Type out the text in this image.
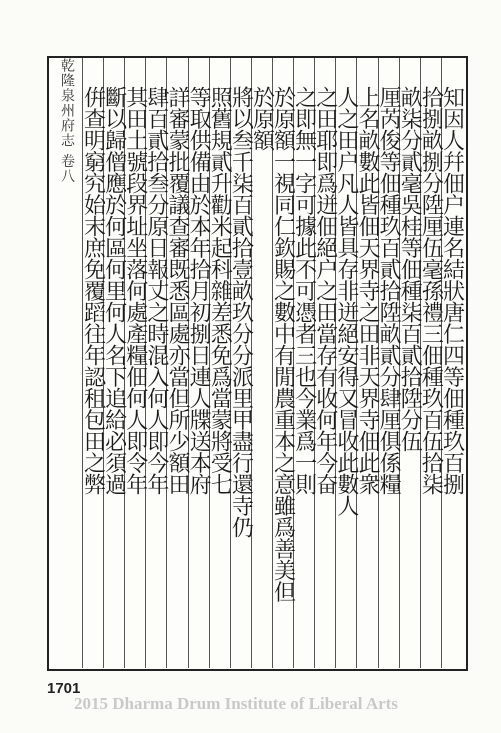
乾隆泉州府志 卷八	知因人幷佃户連名結狀唐仁四等佃種玖百捌
拾捌畝捌分陞厘伍毫孫禮三佃種玖百伍拾柒
畝柒分貳毫吳桂等佃種柒百貳拾陞分伍
厘芮俊等佃種玖百貳拾陞畝貳分肆厘俱係糧
上名畝數此皆佃天界寺之田非天界寺佃此衆
人之田户凡人皆具存非迸絕安得又冒收此數人
之田耶即爲迸佃絕户之田當存有收何年今奋
之即無一字可據此不可憑者三也今業爲一則
於原額一視同仁欽賜之數中有閒農重本之意雖爲善美但
於原額
將以叁千柒百貳拾壹畝玖分分派里甲盡行還寺仍
照舊規貳升勸米起科雜差悉免爲當蒙將受七
等取供備由於本年拾月初捌日連人牒送本府
詳審蒙批覆議查審既悉區處亦當但所少額田
肆百貳拾叁分原日報丈之時混入何人即今年
其田土號段界址坐落何處產糧佃何人即令年
斷以歸僧應於何區何里何人名下追給必須過
倂查明窮究始末庶免覆蹈往年認租包田之弊
1701
2015 Dharma Drum Institute of Liberal Arts
